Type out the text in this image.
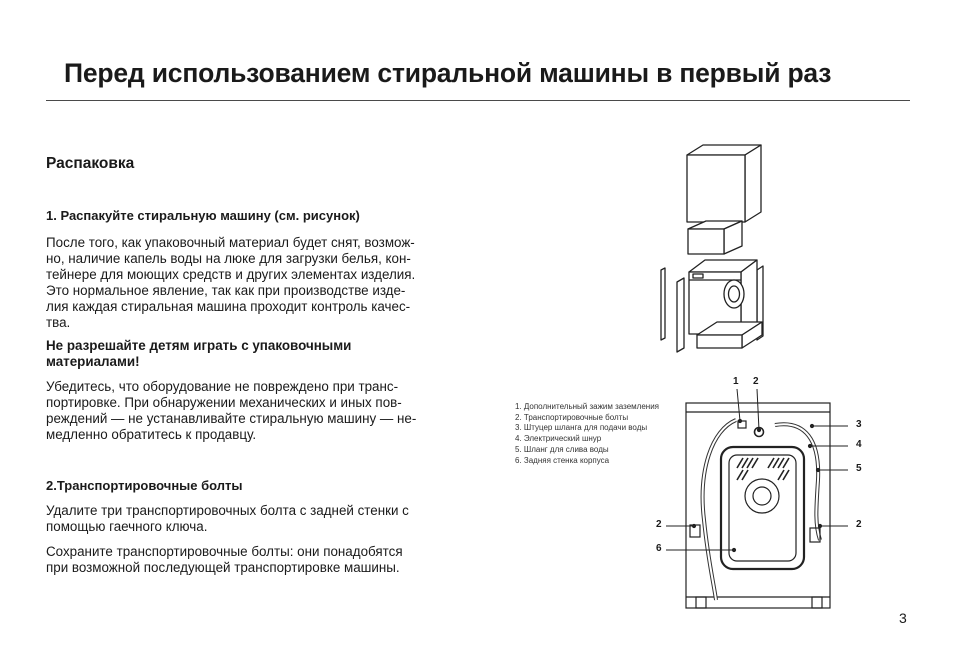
Перед использованием стиральной машины в первый раз
Распаковка
1. Распакуйте стиральную машину (см. рисунок)
После того, как упаковочный материал будет снят, возмож-
но, наличие капель воды на люке для загрузки белья, кон-
тейнере для моющих средств и других элементах изделия.
Это нормальное явление, так как при производстве изде-
лия каждая стиральная машина проходит контроль качес-
тва.
Не разрешайте детям играть с упаковочными
материалами!
Убедитесь, что оборудование не повреждено при транс-
портировке. При обнаружении механических и иных пов-
реждений — не устанавливайте стиральную машину — не-
медленно обратитесь к продавцу.
2.Транспортировочные болты
Удалите три транспортировочных болта с задней стенки с
помощью гаечного ключа.
Сохраните транспортировочные болты: они понадобятся
при возможной последующей транспортировке машины.
1. Дополнительный зажим заземления
2. Транспортировочные болты
3. Штуцер шланга для подачи воды
4. Электрический шнур
5. Шланг для слива воды
6. Задняя стенка корпуса
1 2
3
4
5
2
2
6
3
